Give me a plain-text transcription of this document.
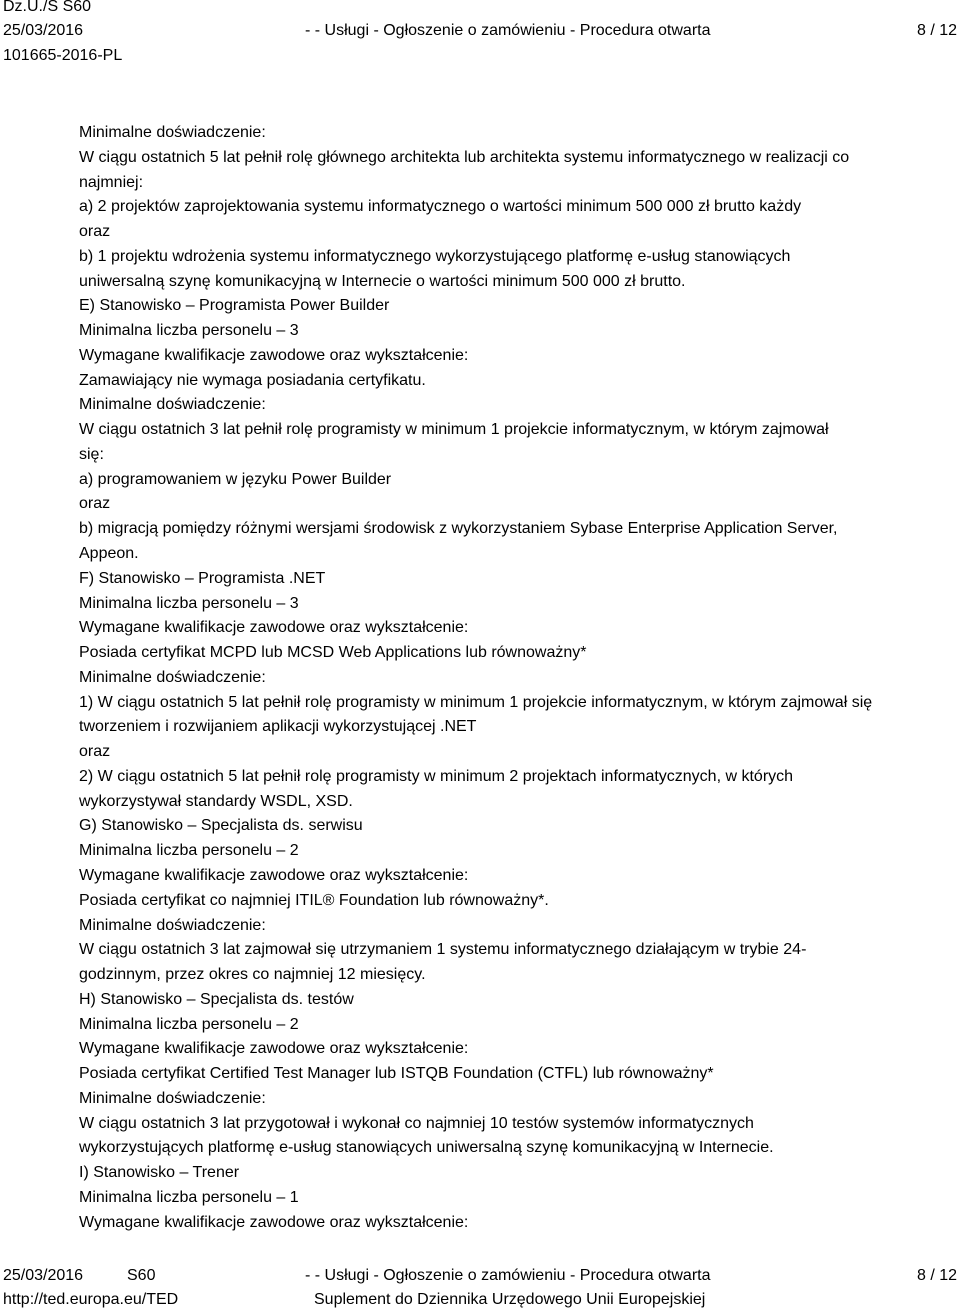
Dz.U./S S60
25/03/2016
101665-2016-PL
- - Usługi - Ogłoszenie o zamówieniu - Procedura otwarta	8 / 12
Minimalne doświadczenie:
W ciągu ostatnich 5 lat pełnił rolę głównego architekta lub architekta systemu informatycznego w realizacji co
najmniej:
a) 2 projektów zaprojektowania systemu informatycznego o wartości minimum 500 000 zł brutto każdy
oraz
b) 1 projektu wdrożenia systemu informatycznego wykorzystującego platformę e-usług stanowiących
uniwersalną szynę komunikacyjną w Internecie o wartości minimum 500 000 zł brutto.
E) Stanowisko – Programista Power Builder
Minimalna liczba personelu – 3
Wymagane kwalifikacje zawodowe oraz wykształcenie:
Zamawiający nie wymaga posiadania certyfikatu.
Minimalne doświadczenie:
W ciągu ostatnich 3 lat pełnił rolę programisty w minimum 1 projekcie informatycznym, w którym zajmował
się:
a) programowaniem w języku Power Builder
oraz
b) migracją pomiędzy różnymi wersjami środowisk z wykorzystaniem Sybase Enterprise Application Server,
Appeon.
F) Stanowisko – Programista .NET
Minimalna liczba personelu – 3
Wymagane kwalifikacje zawodowe oraz wykształcenie:
Posiada certyfikat MCPD lub MCSD Web Applications lub równoważny*
Minimalne doświadczenie:
1) W ciągu ostatnich 5 lat pełnił rolę programisty w minimum 1 projekcie informatycznym, w którym zajmował się
tworzeniem i rozwijaniem aplikacji wykorzystującej .NET
oraz
2) W ciągu ostatnich 5 lat pełnił rolę programisty w minimum 2 projektach informatycznych, w których
wykorzystywał standardy WSDL, XSD.
G) Stanowisko – Specjalista ds. serwisu
Minimalna liczba personelu – 2
Wymagane kwalifikacje zawodowe oraz wykształcenie:
Posiada certyfikat co najmniej ITIL® Foundation lub równoważny*.
Minimalne doświadczenie:
W ciągu ostatnich 3 lat zajmował się utrzymaniem 1 systemu informatycznego działającym w trybie 24-
godzinnym, przez okres co najmniej 12 miesięcy.
H) Stanowisko – Specjalista ds. testów
Minimalna liczba personelu – 2
Wymagane kwalifikacje zawodowe oraz wykształcenie:
Posiada certyfikat Certified Test Manager lub ISTQB Foundation (CTFL) lub równoważny*
Minimalne doświadczenie:
W ciągu ostatnich 3 lat przygotował i wykonał co najmniej 10 testów systemów informatycznych
wykorzystujących platformę e-usług stanowiących uniwersalną szynę komunikacyjną w Internecie.
I) Stanowisko – Trener
Minimalna liczba personelu – 1
Wymagane kwalifikacje zawodowe oraz wykształcenie:
25/03/2016	S60
http://ted.europa.eu/TED
- - Usługi - Ogłoszenie o zamówieniu - Procedura otwarta
Suplement do Dziennika Urzędowego Unii Europejskiej
8 / 12
